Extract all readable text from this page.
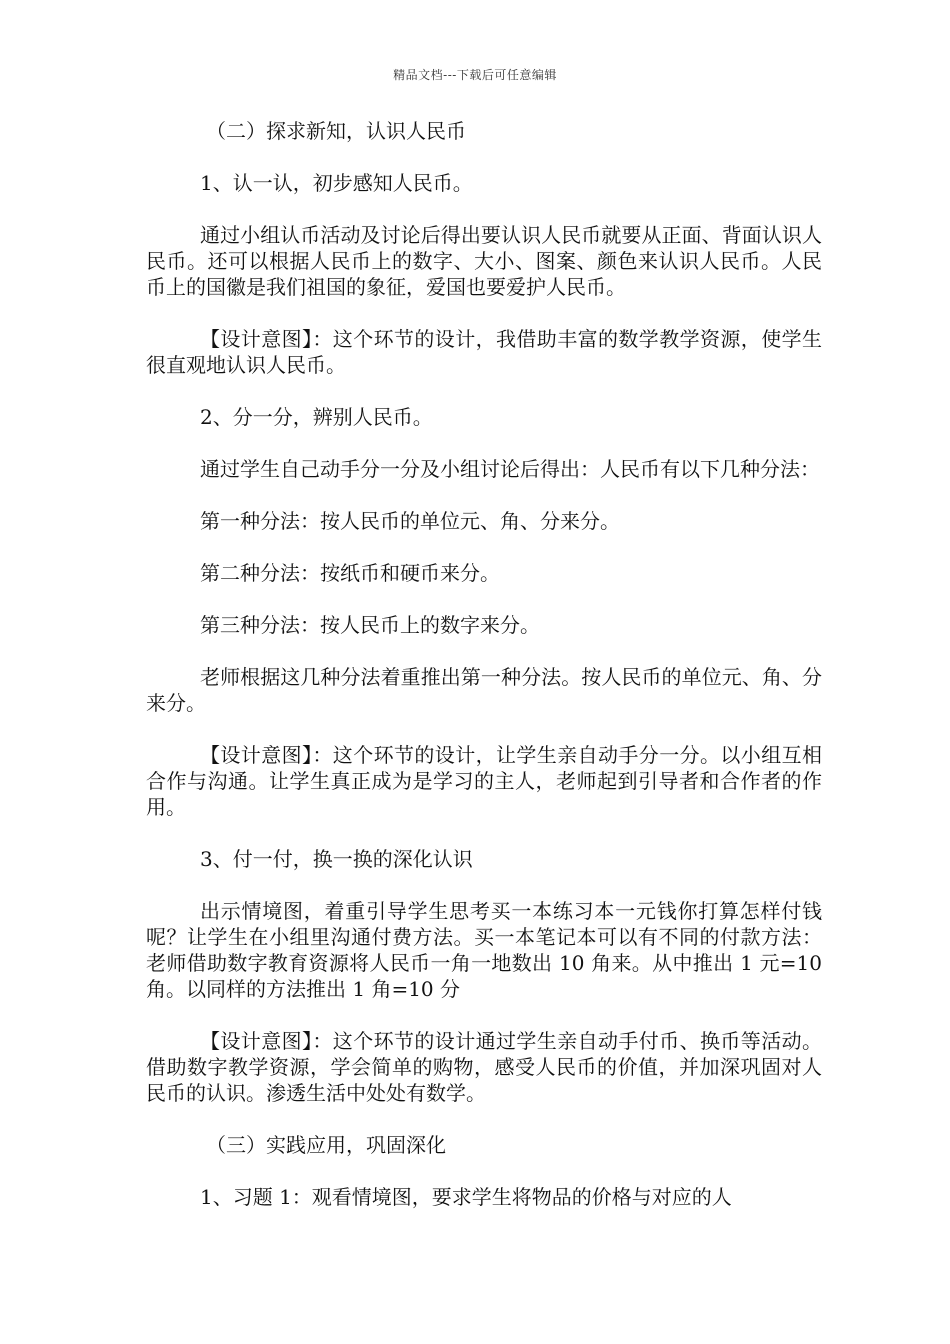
精品文档---下载后可任意编辑

（二）探求新知，认识人民币

1、认一认，初步感知人民币。

通过小组认币活动及讨论后得出要认识人民币就要从正面、背面认识人民币。还可以根据人民币上的数字、大小、图案、颜色来认识人民币。人民币上的国徽是我们祖国的象征，爱国也要爱护人民币。

【设计意图】：这个环节的设计，我借助丰富的数学教学资源，使学生很直观地认识人民币。

2、分一分，辨别人民币。

通过学生自己动手分一分及小组讨论后得出：人民币有以下几种分法：

第一种分法：按人民币的单位元、角、分来分。

第二种分法：按纸币和硬币来分。

第三种分法：按人民币上的数字来分。

老师根据这几种分法着重推出第一种分法。按人民币的单位元、角、分来分。

【设计意图】：这个环节的设计，让学生亲自动手分一分。以小组互相合作与沟通。让学生真正成为是学习的主人，老师起到引导者和合作者的作用。

3、付一付，换一换的深化认识

出示情境图，着重引导学生思考买一本练习本一元钱你打算怎样付钱呢？让学生在小组里沟通付费方法。买一本笔记本可以有不同的付款方法：老师借助数字教育资源将人民币一角一地数出 10 角来。从中推出 1 元=10 角。以同样的方法推出 1 角=10 分

【设计意图】：这个环节的设计通过学生亲自动手付币、换币等活动。借助数字教学资源，学会简单的购物，感受人民币的价值，并加深巩固对人民币的认识。渗透生活中处处有数学。

（三）实践应用，巩固深化

1、习题 1：观看情境图，要求学生将物品的价格与对应的人
